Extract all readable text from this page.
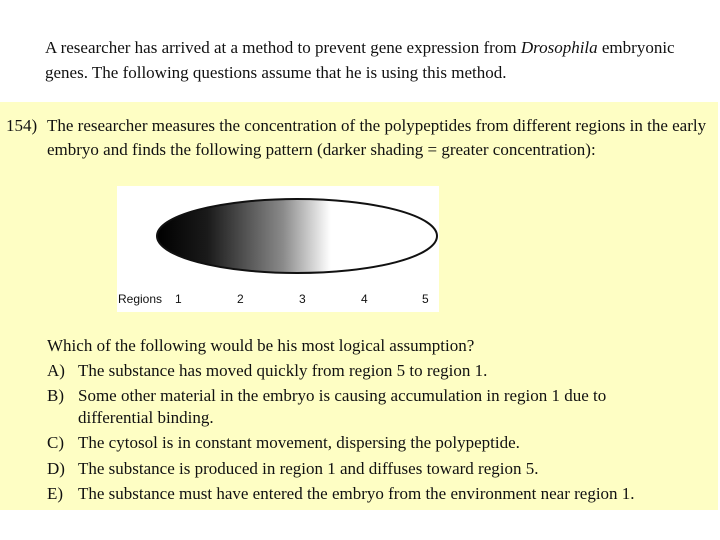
A researcher has arrived at a method to prevent gene expression from Drosophila embryonic genes. The following questions assume that he is using this method.
154) The researcher measures the concentration of the polypeptides from different regions in the early embryo and finds the following pattern (darker shading = greater concentration):
Regions 1	2	3	4	5
Which of the following would be his most logical assumption?
A) The substance has moved quickly from region 5 to region 1.
B) Some other material in the embryo is causing accumulation in region 1 due to differential binding.
C) The cytosol is in constant movement, dispersing the polypeptide.
D) The substance is produced in region 1 and diffuses toward region 5.
E) The substance must have entered the embryo from the environment near region 1.
